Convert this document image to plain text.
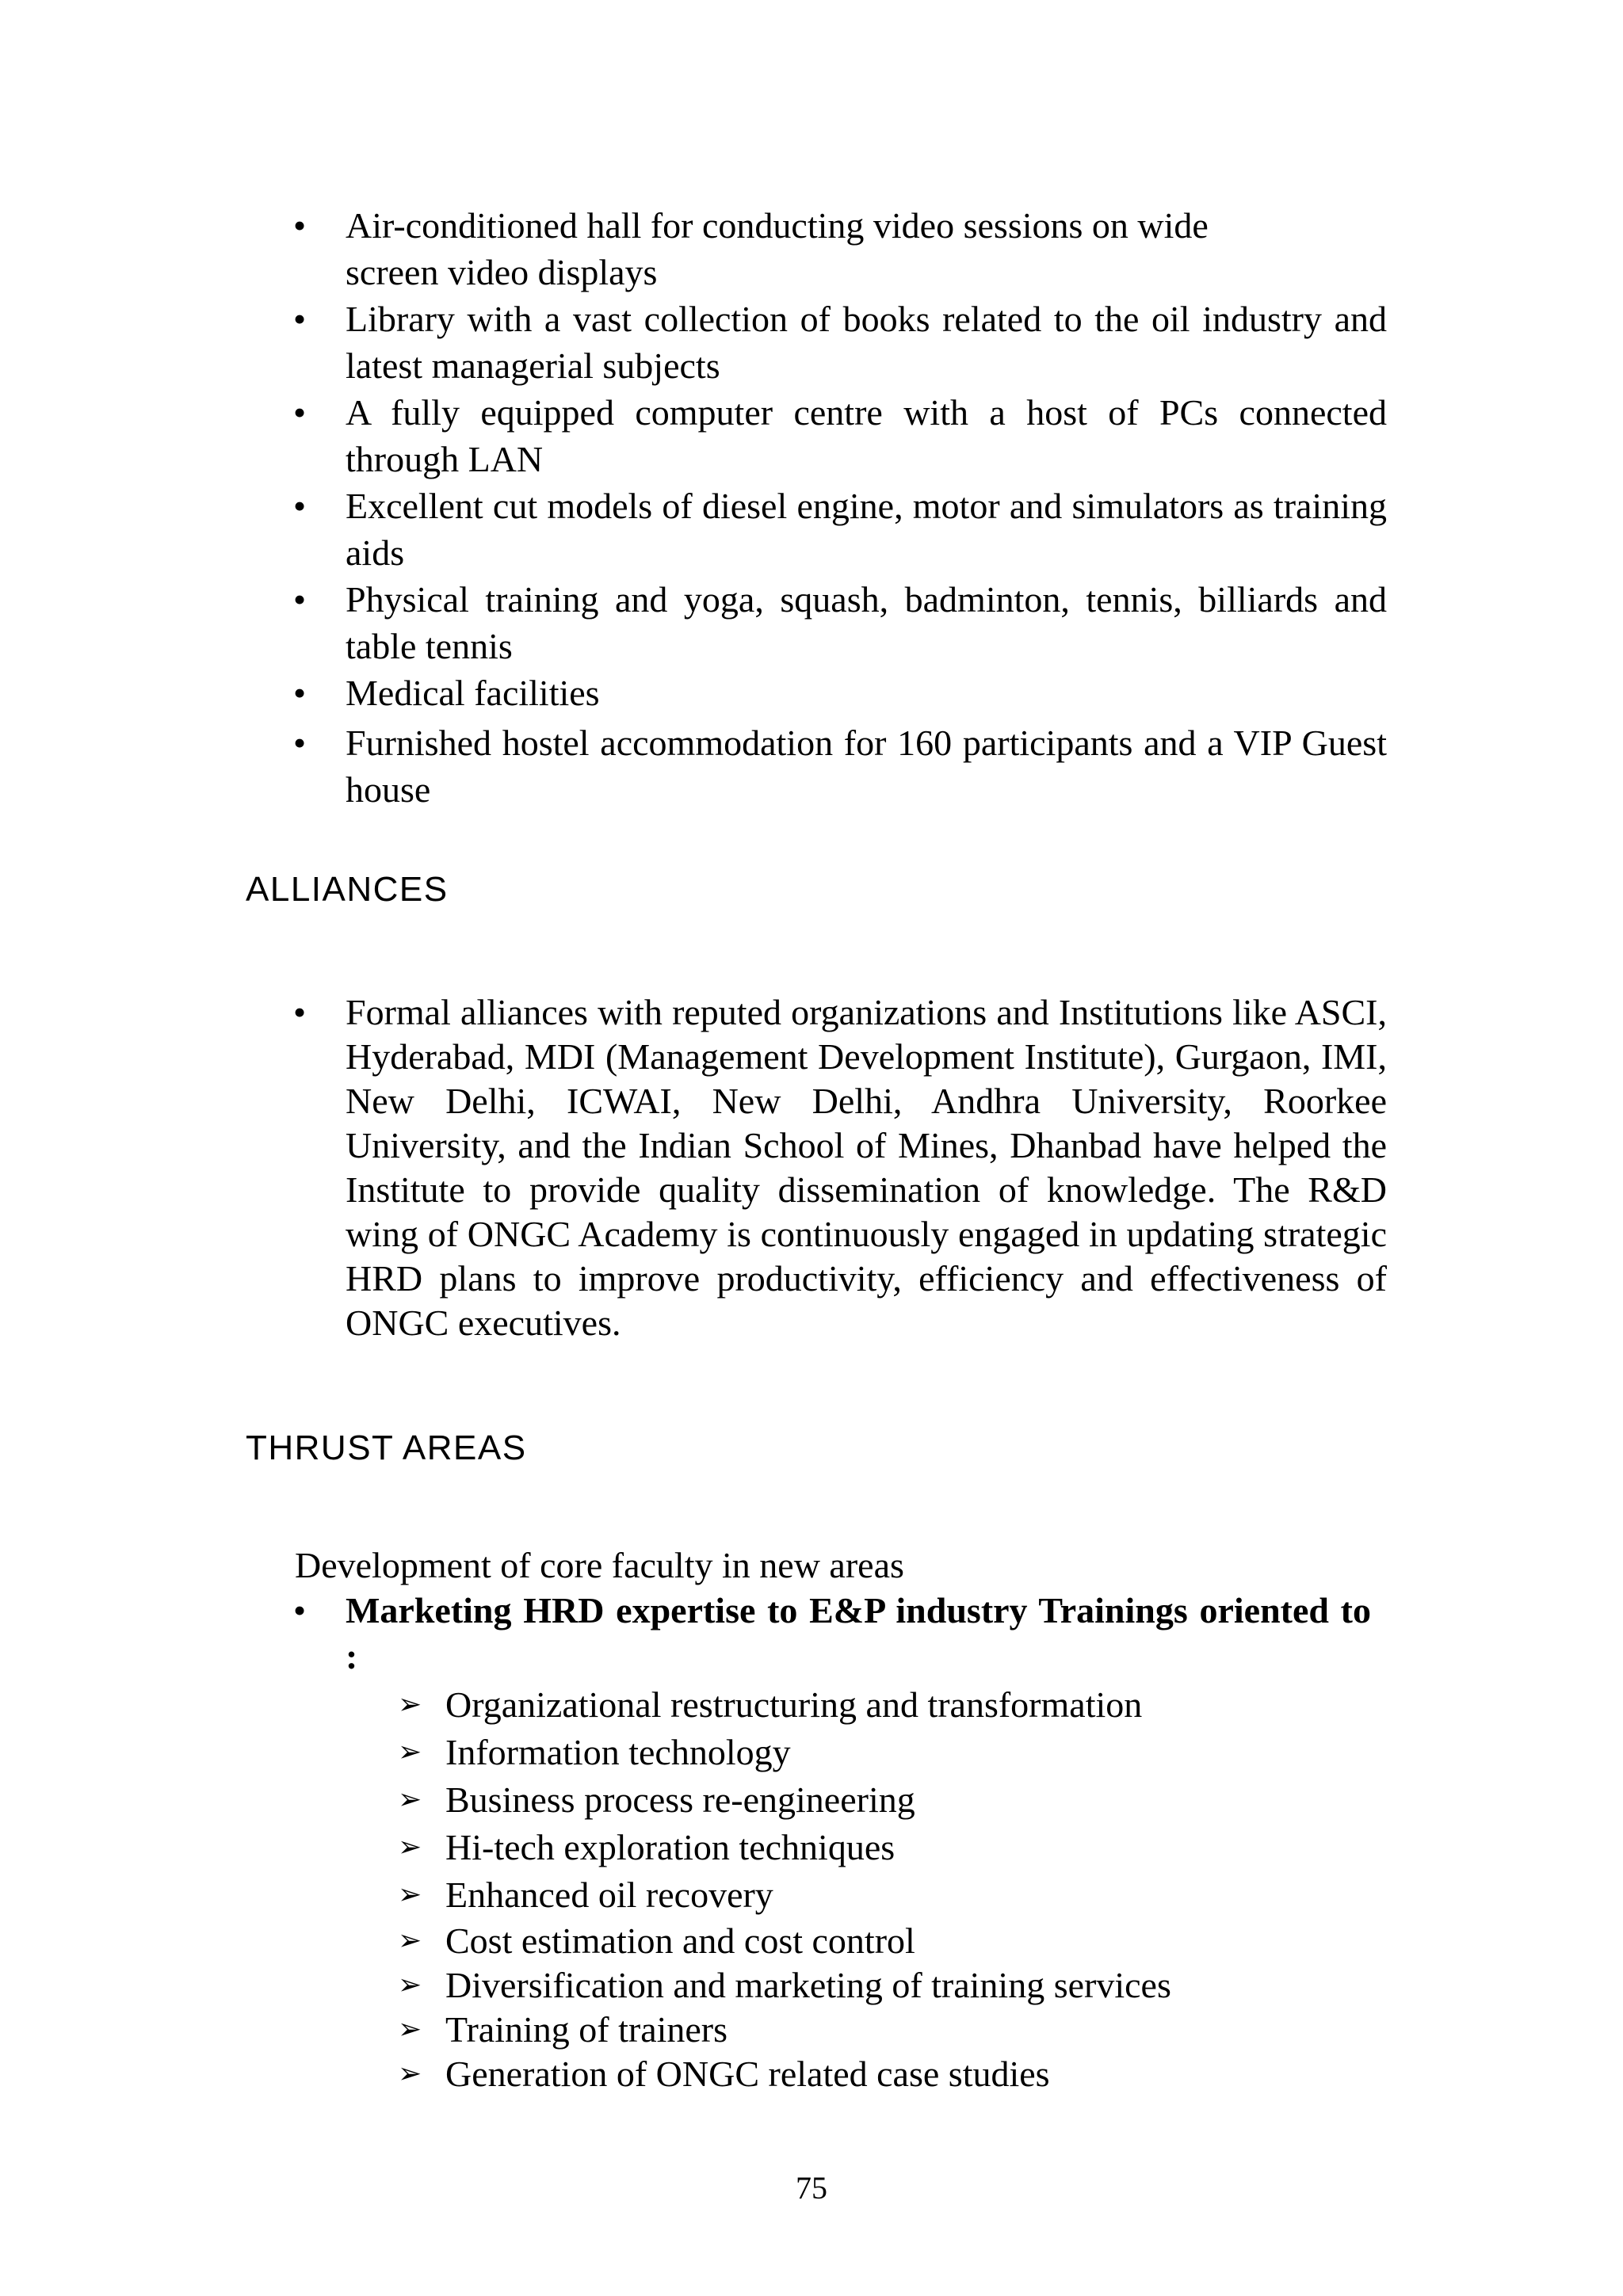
• Air-conditioned hall for conducting video sessions on wide
screen video displays
• Library with a vast collection of books related to the oil industry and latest managerial subjects
• A fully equipped computer centre with a host of PCs connected through LAN
• Excellent cut models of diesel engine, motor and simulators as training aids
• Physical training and yoga, squash, badminton, tennis, billiards and table tennis
• Medical facilities
• Furnished hostel accommodation for 160 participants and a VIP Guest house
ALLIANCES
• Formal alliances with reputed organizations and Institutions like ASCI, Hyderabad, MDI (Management Development Institute), Gurgaon, IMI, New Delhi, ICWAI, New Delhi, Andhra University, Roorkee University, and the Indian School of Mines, Dhanbad have helped the Institute to provide quality dissemination of knowledge. The R&D wing of ONGC Academy is continuously engaged in updating strategic HRD plans to improve productivity, efficiency and effectiveness of ONGC executives.
THRUST AREAS

Development of core faculty in new areas

• Marketing HRD expertise to E&P industry Trainings oriented to :
➢ Organizational restructuring and transformation
➢ Information technology
➢ Business process re-engineering
➢ Hi-tech exploration techniques
➢ Enhanced oil recovery
➢ Cost estimation and cost control
➢ Diversification and marketing of training services
➢ Training of trainers
➢ Generation of ONGC related case studies

75
